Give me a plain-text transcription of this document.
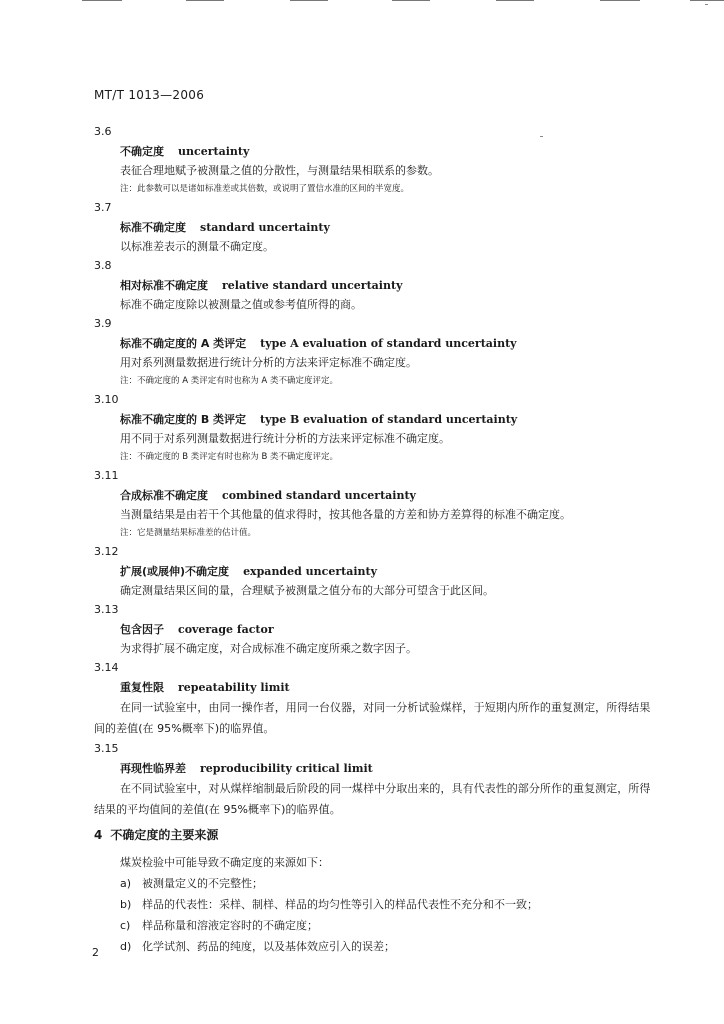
MT/T 1013—2006
3.6
不确定度 uncertainty
表征合理地赋予被测量之值的分散性，与测量结果相联系的参数。
注：此参数可以是诸如标准差或其倍数，或说明了置信水准的区间的半宽度。
3.7
标准不确定度 standard uncertainty
以标准差表示的测量不确定度。
3.8
相对标准不确定度 relative standard uncertainty
标准不确定度除以被测量之值或参考值所得的商。
3.9
标准不确定度的 A 类评定 type A evaluation of standard uncertainty
用对系列测量数据进行统计分析的方法来评定标准不确定度。
注：不确定度的 A 类评定有时也称为 A 类不确定度评定。
3.10
标准不确定度的 B 类评定 type B evaluation of standard uncertainty
用不同于对系列测量数据进行统计分析的方法来评定标准不确定度。
注：不确定度的 B 类评定有时也称为 B 类不确定度评定。
3.11
合成标准不确定度 combined standard uncertainty
当测量结果是由若干个其他量的值求得时，按其他各量的方差和协方差算得的标准不确定度。
注：它是测量结果标准差的估计值。
3.12
扩展(或展伸)不确定度 expanded uncertainty
确定测量结果区间的量，合理赋予被测量之值分布的大部分可望含于此区间。
3.13
包含因子 coverage factor
为求得扩展不确定度，对合成标准不确定度所乘之数字因子。
3.14
重复性限 repeatability limit
在同一试验室中，由同一操作者，用同一台仪器，对同一分析试验煤样，于短期内所作的重复测定，所得结果间的差值(在 95%概率下)的临界值。
3.15
再现性临界差 reproducibility critical limit
在不同试验室中，对从煤样缩制最后阶段的同一煤样中分取出来的，具有代表性的部分所作的重复测定，所得结果的平均值间的差值(在 95%概率下)的临界值。
4 不确定度的主要来源
煤炭检验中可能导致不确定度的来源如下：
a) 被测量定义的不完整性；
b) 样品的代表性：采样、制样、样品的均匀性等引入的样品代表性不充分和不一致；
c) 样品称量和溶液定容时的不确定度；
d) 化学试剂、药品的纯度，以及基体效应引入的误差；
2
